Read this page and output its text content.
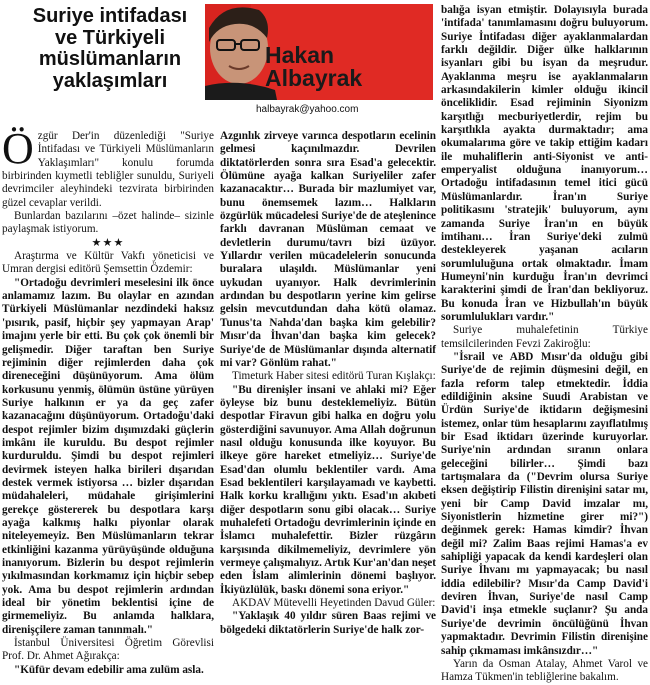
Suriye intifadası ve Türkiyeli müslümanların yaklaşımları
Hakan Albayrak
halbayrak@yahoo.com

Özgür Der'in düzenlediği "Suriye İntifadası ve Türkiyeli Müslümanların Yaklaşımları" konulu forumda birbirinden kıymetli tebliğler sunuldu, Suriyeli devrimciler aleyhindeki tezvirata birbirinden güzel cevaplar verildi.

Bunlardan bazılarını –özet halinde– sizinle paylaşmak istiyorum.

★★★

Araştırma ve Kültür Vakfı yöneticisi ve Umran dergisi editörü Şemsettin Özdemir:

"Ortadoğu devrimleri meselesini ilk önce anlamamız lazım. Bu olaylar en azından Türkiyeli Müslümanlar nezdindeki haksız 'pısırık, pasif, hiçbir şey yapmayan Arap' imajını yerle bir etti. Bu çok çok önemli bir gelişmedir. Diğer taraftan ben Suriye rejiminin diğer rejimlerden daha çok direneceğini düşünüyorum. Ama ölüm korkusunu yenmiş, ölümün üstüne yürüyen Suriye halkının er ya da geç zafer kazanacağını düşünüyorum. Ortadoğu'daki despot rejimler bizim dışımızdaki güçlerin imkânı ile kuruldu. Bu despot rejimler kurduruldu. Şimdi bu despot rejimleri devirmek isteyen halka birileri dışarıdan destek vermek istiyorsa … bizler dışarıdan müdahaleleri, müdahale girişimlerini gerekçe göstererek bu despotlara karşı ayağa kalkmış halkı piyonlar olarak niteleyemeyiz. Ben Müslümanların tekrar etkinliğini kazanma yürüyüşünde olduğuna inanıyorum. Bizlerin bu despot rejimlerin yıkılmasından korkmamız için hiçbir sebep yok. Ama bu despot rejimlerin ardından ideal bir yönetim beklentisi içine de girmemeliyiz. Bu anlamda halklara, direnişçilere zaman tanınmalı."

İstanbul Üniversitesi Öğretim Görevlisi Prof. Dr. Ahmet Ağırakça:

"Küfür devam edebilir ama zulüm asla.

Azgınlık zirveye varınca despotların ecelinin gelmesi kaçınılmazdır. Devrilen diktatörlerden sonra sıra Esad'a gelecektir. Ölümüne ayağa kalkan Suriyeliler zafer kazanacaktır… Burada bir mazlumiyet var, bunu önemsemek lazım… Halkların özgürlük mücadelesi Suriye'de de ateşlenince farklı davranan Müslüman cemaat ve devletlerin durumu/tavrı bizi üzüyor. Yıllardır verilen mücadelelerin sonucunda buralara ulaşıldı. Müslümanlar yeni uykudan uyanıyor. Halk devrimlerinin ardından bu despotların yerine kim gelirse gelsin mevcutdundan daha kötü olamaz. Tunus'ta Nahda'dan başka kim gelebilir? Mısır'da İhvan'dan başka kim gelecek? Suriye'de de Müslümanlar dışında alternatif mi var? Gönlüm rahat."

Timeturk Haber sitesi editörü Turan Kışlakçı:

"Bu direnişler insani ve ahlaki mi? Eğer öyleyse biz bunu desteklemeliyiz. Bütün despotlar Firavun gibi halka en doğru yolu gösterdiğini savunuyor. Ama Allah doğrunun nasıl olduğu konusunda ilke koyuyor. Bu ilkeye göre hareket etmeliyiz… Suriye'de Esad'dan olumlu beklentiler vardı. Ama Esad beklentileri karşılayamadı ve kaybetti. Halk korku krallığını yıktı. Esad'ın akıbeti diğer despotların sonu gibi olacak… Suriye muhalefeti Ortadoğu devrimlerinin içinde en İslamcı muhalefettir. Bizler rüzgârın karşısında dikilmemeliyiz, devrimlere yön vermeye çalışmalıyız. Artık Kur'an'dan neşet eden İslam alimlerinin dönemi başlıyor. İkiyüzlülük, baskı dönemi sona eriyor."

AKDAV Mütevelli Heyetinden Davud Güler:

"Yaklaşık 40 yıldır süren Baas rejimi ve bölgedeki diktatörlerin Suriye'de halk zor-

balığa isyan etmiştir. Dolayısıyla burada 'intifada' tanımlamasını doğru buluyorum. Suriye İntifadası diğer ayaklanmalardan farklı değildir. Diğer ülke halklarının isyanları gibi bu isyan da meşrudur. Ayaklanma meşru ise ayaklanmaların arkasındakilerin kimler olduğu ikincil önceliklidir. Esad rejiminin Siyonizm karşıtlığı mecburiyetlerdir, rejim bu karşıtlıkla ayakta durmaktadır; ama okumalarıma göre ve takip ettiğim kadarı ile muhaliflerin anti-Siyonist ve anti-emperyalist olduğuna inanıyorum… Ortadoğu intifadasının temel itici gücü Müslümanlardır. İran'ın Suriye politikasını 'stratejik' buluyorum, aynı zamanda Suriye İran'ın en büyük imtihanı… İran Suriye'deki zulmü destekleyerek yaşanan acıların sorumluluğuna ortak olmaktadır. İmam Humeyni'nin kurduğu İran'ın devrimci karakterini şimdi de İran'dan bekliyoruz. Bu konuda İran ve Hizbullah'ın büyük sorumlulukları vardır."

Suriye muhalefetinin Türkiye temsilcilerinden Fevzi Zakiroğlu:

"İsrail ve ABD Mısır'da olduğu gibi Suriye'de de rejimin düşmesini değil, en fazla reform talep etmektedir. İddia edildiğinin aksine Suudi Arabistan ve Ürdün Suriye'de iktidarın değişmesini istemez, onlar tüm hesaplarını zayıflatılmış bir Esad iktidarı üzerinde kuruyorlar. Suriye'nin ardından sıranın onlara geleceğini bilirler… Şimdi bazı tartışmalara da ("Devrim olursa Suriye eksen değiştirip Filistin direnişini satar mı, yeni bir Camp David imzalar mı, Siyonistlerin hizmetine girer mi?") değinmek gerek: Hamas kimdir? İhvan değil mi? Zalim Baas rejimi Hamas'a ev sahipliği yapacak da kendi kardeşleri olan Suriye İhvanı mı yapmayacak; bu nasıl iddia edilebilir? Mısır'da Camp David'i deviren İhvan, Suriye'de nasıl Camp David'i inşa etmekle suçlanır? Şu anda Suriye'de devrimin öncülüğünü İhvan yapmaktadır. Devrimin Filistin direnişine sahip çıkmaması imkânsızdır…"

Yarın da Osman Atalay, Ahmet Varol ve Hamza Tükmen'in tebliğlerine bakalım.
